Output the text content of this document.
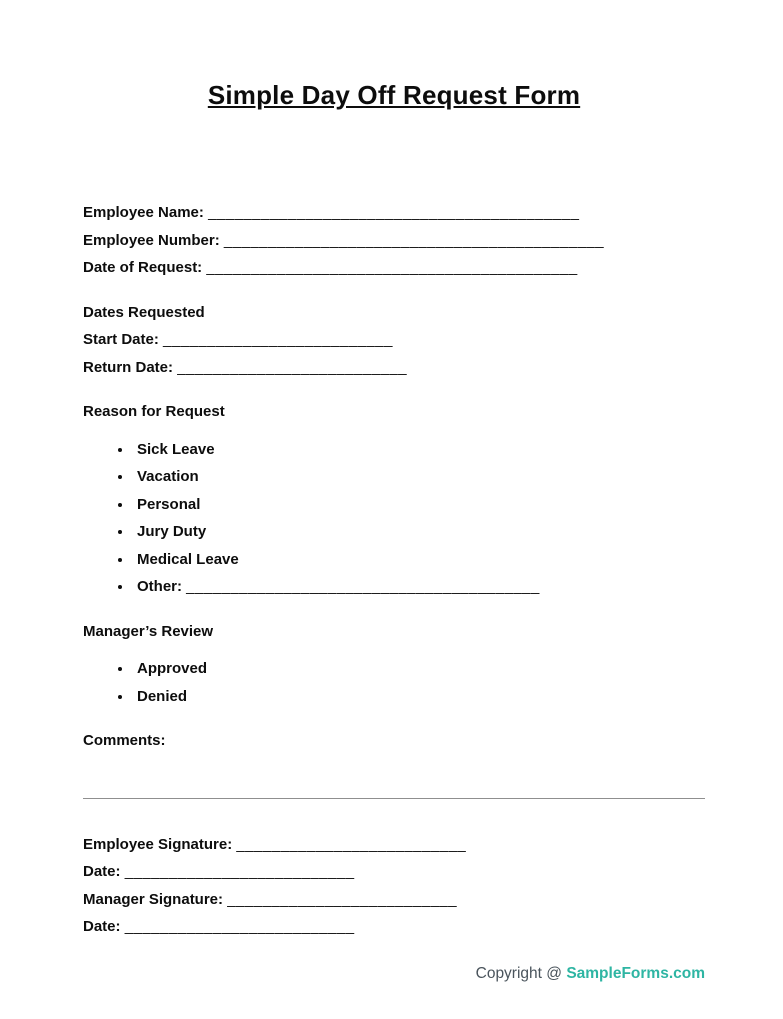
Simple Day Off Request Form
Employee Name: __________________________________________
Employee Number: ___________________________________________
Date of Request: __________________________________________
Dates Requested
Start Date: __________________________
Return Date: __________________________
Reason for Request
• Sick Leave
• Vacation
• Personal
• Jury Duty
• Medical Leave
• Other: ________________________________________
Manager’s Review
• Approved
• Denied
Comments:
Employee Signature: __________________________
Date: __________________________
Manager Signature: __________________________
Date: __________________________
Copyright @ SampleForms.com
